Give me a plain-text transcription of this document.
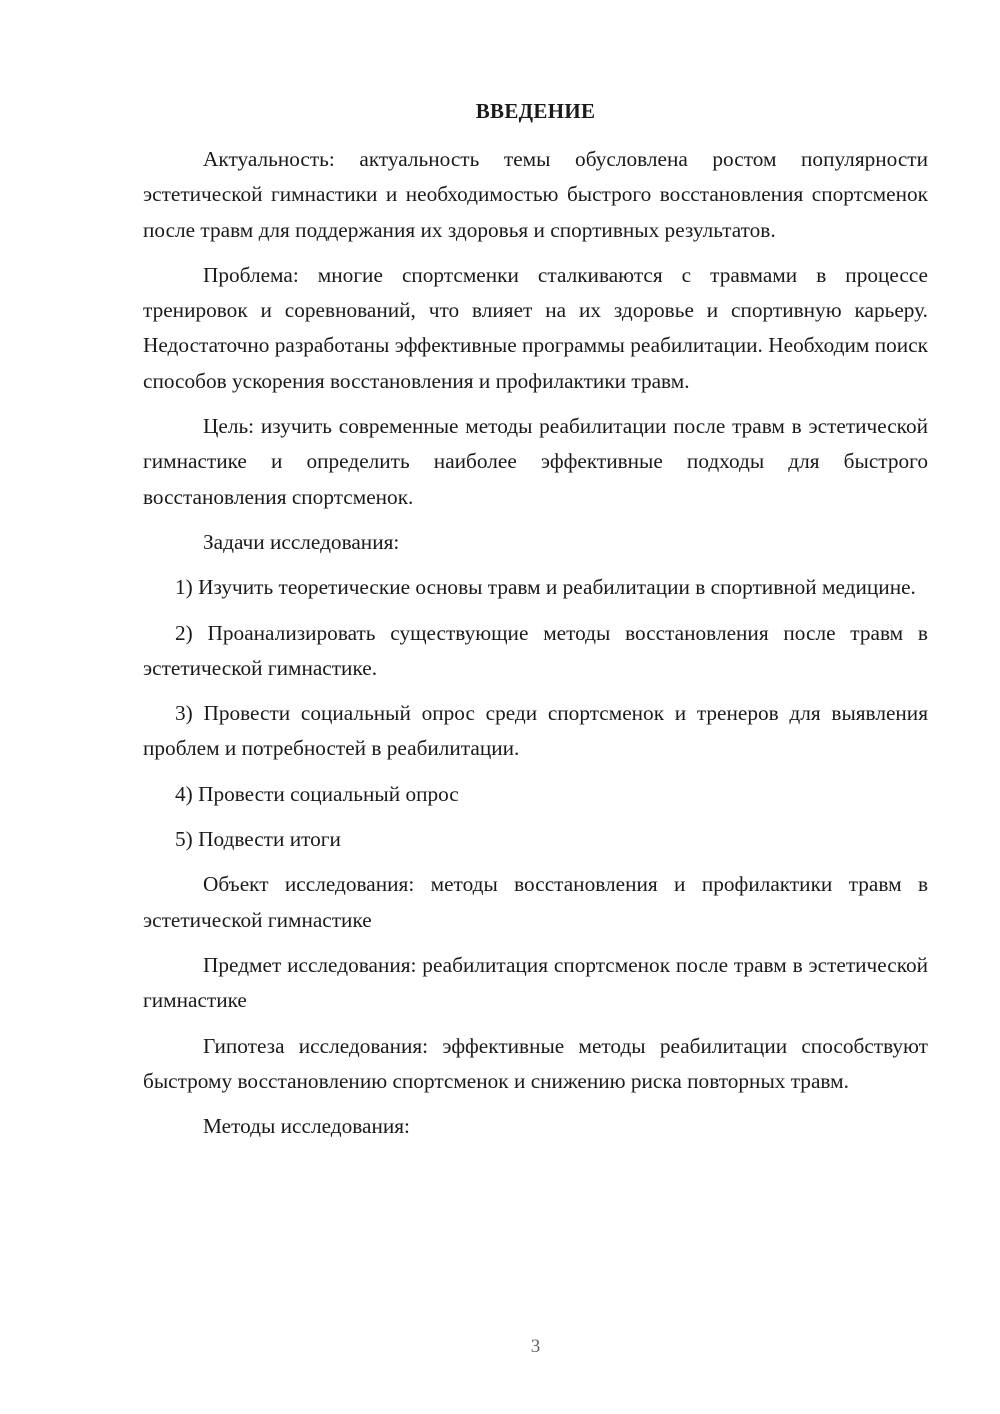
ВВЕДЕНИЕ

Актуальность: актуальность темы обусловлена ростом популярности эстетической гимнастики и необходимостью быстрого восстановления спортсменок после травм для поддержания их здоровья и спортивных результатов.

Проблема: многие спортсменки сталкиваются с травмами в процессе тренировок и соревнований, что влияет на их здоровье и спортивную карьеру. Недостаточно разработаны эффективные программы реабилитации. Необходим поиск способов ускорения восстановления и профилактики травм.

Цель: изучить современные методы реабилитации после травм в эстетической гимнастике и определить наиболее эффективные подходы для быстрого восстановления спортсменок.

Задачи исследования:

1) Изучить теоретические основы травм и реабилитации в спортивной медицине.

2) Проанализировать существующие методы восстановления после травм в эстетической гимнастике.

3) Провести социальный опрос среди спортсменок и тренеров для выявления проблем и потребностей в реабилитации.

4) Провести социальный опрос

5) Подвести итоги

Объект исследования: методы восстановления и профилактики травм в эстетической гимнастике

Предмет исследования: реабилитация спортсменок после травм в эстетической гимнастике

Гипотеза исследования: эффективные методы реабилитации способствуют быстрому восстановлению спортсменок и снижению риска повторных травм.

Методы исследования:

3
